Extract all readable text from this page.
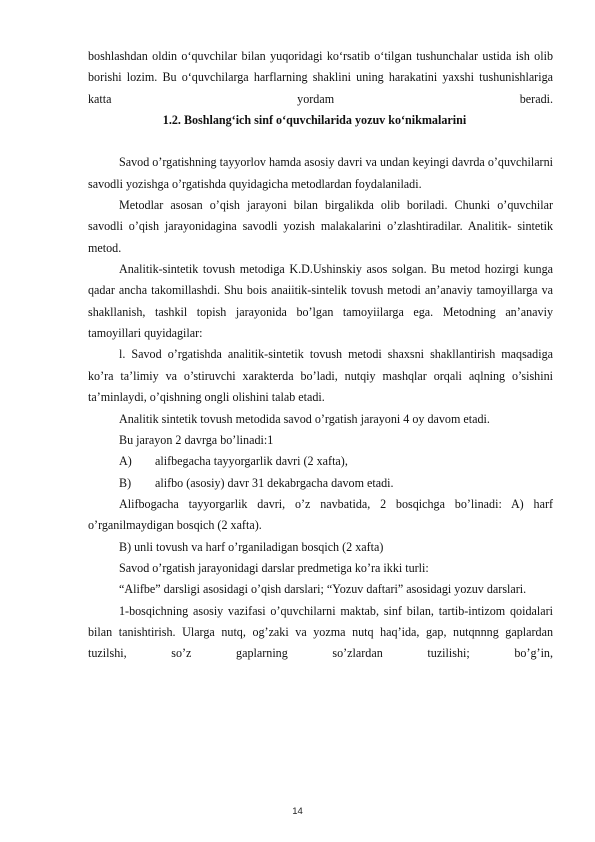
boshlashdan oldin o‘quvchilar bilan yuqoridagi ko‘rsatib o‘tilgan tushunchalar ustida ish olib borishi lozim. Bu o‘quvchilarga harflarning shaklini uning harakatini yaxshi tushunishlariga katta yordam beradi.

1.2. Boshlang‘ich sinf o‘quvchilarida yozuv ko‘nikmalarini

Savod o’rgatishning tayyorlov hamda asosiy davri va undan keyingi davrda o’quvchilarni savodli yozishga o’rgatishda quyidagicha metodlardan foydalaniladi.

Metodlar asosan o’qish jarayoni bilan birgalikda olib boriladi. Chunki o’quvchilar savodli o’qish jarayonidagina savodli yozish malakalarini o’zlashtiradilar. Analitik- sintetik metod.

Analitik-sintetik tovush metodiga K.D.Ushinskiy asos solgan. Bu metod hozirgi kunga qadar ancha takomillashdi. Shu bois anaiitik-sintelik tovush metodi an’anaviy tamoyillarga va shakllanish, tashkil topish jarayonida bo’lgan tamoyiilarga ega. Metodning an’anaviy tamoyillari quyidagilar:

l. Savod o’rgatishda analitik-sintetik tovush metodi shaxsni shakllantirish maqsadiga ko’ra ta’limiy va o’stiruvchi xarakterda bo’ladi, nutqiy mashqlar orqali aqlning o’sishini ta’minlaydi, o’qishning ongli olishini talab etadi.

Analitik sintetik tovush metodida savod o’rgatish jarayoni 4 oy davom etadi.

Bu jarayon 2 davrga bo’linadi:1

A)	alifbegacha tayyorgarlik davri (2 xafta),
B)	alifbo (asosiy) davr 31 dekabrgacha davom etadi.

Alifbogacha tayyorgarlik davri, o’z navbatida, 2 bosqichga bo’linadi: A) harf o’rganilmaydigan bosqich (2 xafta).

B) unli tovush va harf o’rganiladigan bosqich (2 xafta)

Savod o’rgatish jarayonidagi darslar predmetiga ko’ra ikki turli:

“Alifbe” darsligi asosidagi o’qish darslari; “Yozuv daftari” asosidagi yozuv darslari.

1-bosqichning asosiy vazifasi o’quvchilarni maktab, sinf bilan, tartib-intizom qoidalari bilan tanishtirish. Ularga nutq, og’zaki va yozma nutq haq’ida, gap, nutqnnng gaplardan tuzilshi, so’z gaplarning so’zlardan tuzilishi; bo’g’in,

14
